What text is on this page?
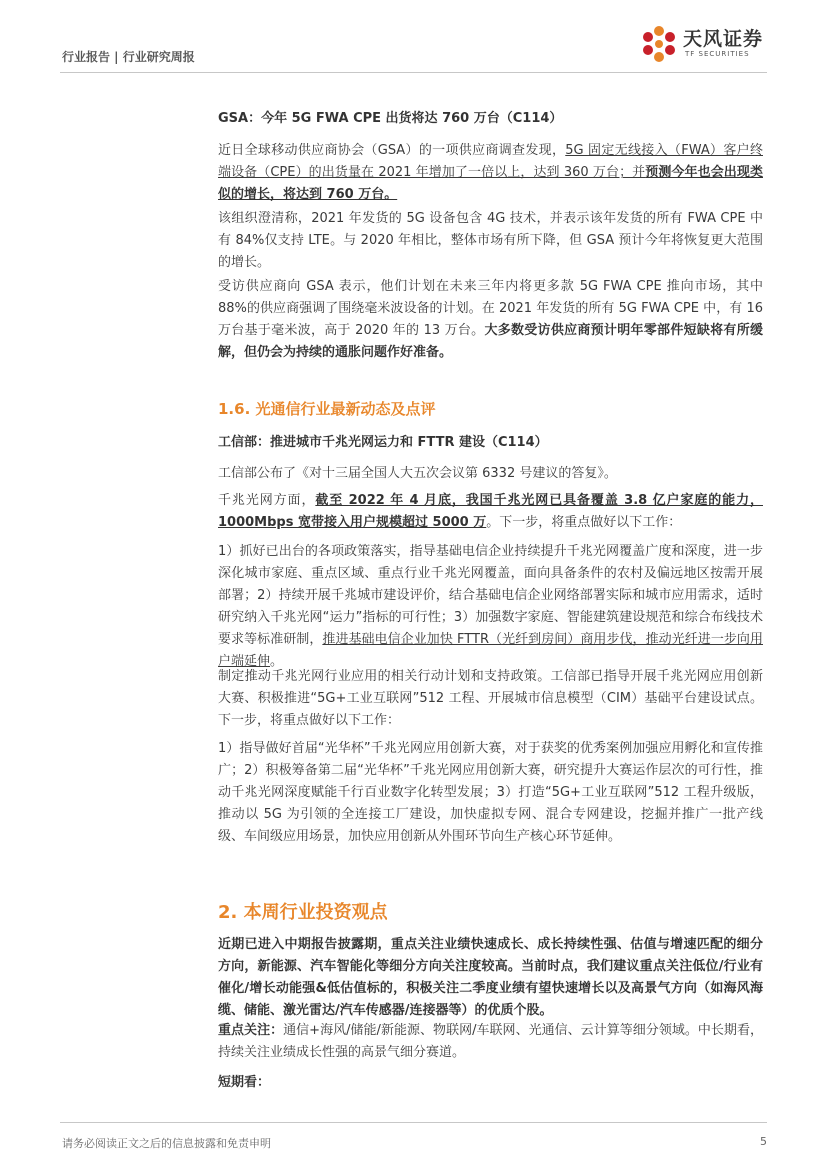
行业报告 | 行业研究周报
天风证券
TF SECURITIES

GSA：今年 5G FWA CPE 出货将达 760 万台（C114）

近日全球移动供应商协会（GSA）的一项供应商调查发现，5G 固定无线接入（FWA）客户终端设备（CPE）的出货量在 2021 年增加了一倍以上，达到 360 万台；并预测今年也会出现类似的增长，将达到 760 万台。

该组织澄清称，2021 年发货的 5G 设备包含 4G 技术，并表示该年发货的所有 FWA CPE 中有 84%仅支持 LTE。与 2020 年相比，整体市场有所下降，但 GSA 预计今年将恢复更大范围的增长。

受访供应商向 GSA 表示，他们计划在未来三年内将更多款 5G FWA CPE 推向市场，其中 88%的供应商强调了围绕毫米波设备的计划。在 2021 年发货的所有 5G FWA CPE 中，有 16 万台基于毫米波，高于 2020 年的 13 万台。大多数受访供应商预计明年零部件短缺将有所缓解，但仍会为持续的通胀问题作好准备。

1.6. 光通信行业最新动态及点评

工信部：推进城市千兆光网运力和 FTTR 建设（C114）

工信部公布了《对十三届全国人大五次会议第 6332 号建议的答复》。

千兆光网方面，截至 2022 年 4 月底，我国千兆光网已具备覆盖 3.8 亿户家庭的能力，1000Mbps 宽带接入用户规模超过 5000 万。下一步，将重点做好以下工作：

1）抓好已出台的各项政策落实，指导基础电信企业持续提升千兆光网覆盖广度和深度，进一步深化城市家庭、重点区域、重点行业千兆光网覆盖，面向具备条件的农村及偏远地区按需开展部署；2）持续开展千兆城市建设评价，结合基础电信企业网络部署实际和城市应用需求，适时研究纳入千兆光网“运力”指标的可行性；3）加强数字家庭、智能建筑建设规范和综合布线技术要求等标准研制，推进基础电信企业加快 FTTR（光纤到房间）商用步伐，推动光纤进一步向用户端延伸。

制定推动千兆光网行业应用的相关行动计划和支持政策。工信部已指导开展千兆光网应用创新大赛、积极推进“5G+工业互联网”512 工程、开展城市信息模型（CIM）基础平台建设试点。下一步，将重点做好以下工作：

1）指导做好首届“光华杯”千兆光网应用创新大赛，对于获奖的优秀案例加强应用孵化和宣传推广；2）积极筹备第二届“光华杯”千兆光网应用创新大赛，研究提升大赛运作层次的可行性，推动千兆光网深度赋能千行百业数字化转型发展；3）打造“5G+工业互联网”512 工程升级版，推动以 5G 为引领的全连接工厂建设，加快虚拟专网、混合专网建设，挖掘并推广一批产线级、车间级应用场景，加快应用创新从外围环节向生产核心环节延伸。

2. 本周行业投资观点

近期已进入中期报告披露期，重点关注业绩快速成长、成长持续性强、估值与增速匹配的细分方向，新能源、汽车智能化等细分方向关注度较高。当前时点，我们建议重点关注低位/行业有催化/增长动能强&低估值标的，积极关注二季度业绩有望快速增长以及高景气方向（如海风海缆、储能、激光雷达/汽车传感器/连接器等）的优质个股。

重点关注：通信+海风/储能/新能源、物联网/车联网、光通信、云计算等细分领域。中长期看，持续关注业绩成长性强的高景气细分赛道。

短期看：

请务必阅读正文之后的信息披露和免责申明	5
